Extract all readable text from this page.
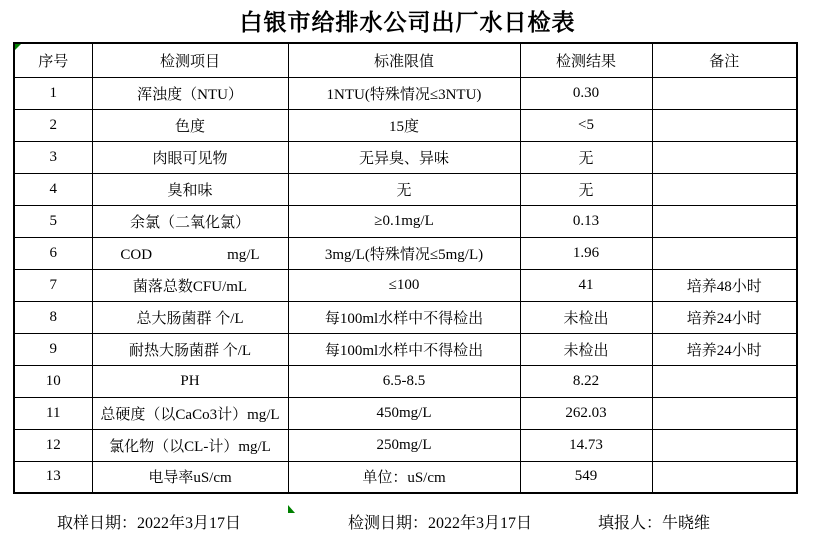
白银市给排水公司出厂水日检表
序号	检测项目	标准限值	检测结果	备注
1	浑浊度（NTU）	1NTU(特殊情况≤3NTU)	0.30	
2	色度	15度	<5	
3	肉眼可见物	无异臭、异味	无	
4	臭和味	无	无	
5	余氯（二氧化氯）	≥0.1mg/L	0.13	
6	COD　　　　　mg/L	3mg/L(特殊情况≤5mg/L)	1.96	
7	菌落总数CFU/mL	≤100	41	培养48小时
8	总大肠菌群 个/L	每100ml水样中不得检出	未检出	培养24小时
9	耐热大肠菌群 个/L	每100ml水样中不得检出	未检出	培养24小时
10	PH	6.5-8.5	8.22	
11	总硬度（以CaCo3计）mg/L	450mg/L	262.03	
12	氯化物（以CL-计）mg/L	250mg/L	14.73	
13	电导率uS/cm	单位：uS/cm	549	
取样日期：2022年3月17日	检测日期：2022年3月17日	填报人：牛晓维
